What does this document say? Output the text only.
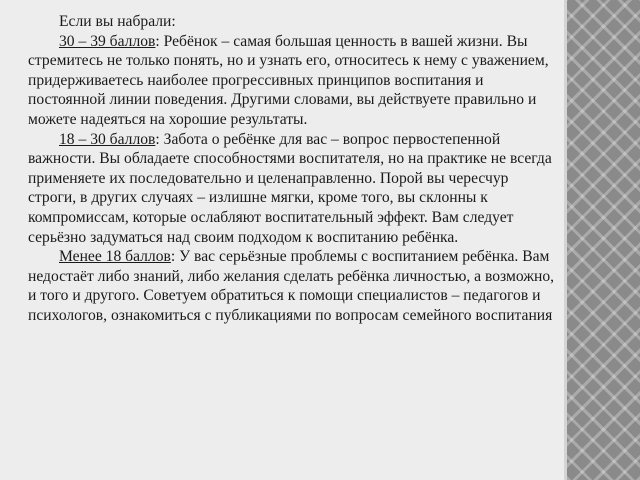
Если вы набрали:

30 – 39 баллов: Ребёнок – самая большая ценность в вашей жизни. Вы стремитесь не только понять, но и узнать его, относитесь к нему с уважением, придерживаетесь наиболее прогрессивных принципов воспитания и постоянной линии поведения. Другими словами, вы действуете правильно и можете надеяться на хорошие результаты.

18 – 30 баллов: Забота о ребёнке для вас – вопрос первостепенной важности. Вы обладаете способностями воспитателя, но на практике не всегда применяете их последовательно и целенаправленно. Порой вы чересчур строги, в других случаях – излишне мягки, кроме того, вы склонны к компромиссам, которые ослабляют воспитательный эффект. Вам следует серьёзно задуматься над своим подходом к воспитанию ребёнка.

Менее 18 баллов: У вас серьёзные проблемы с воспитанием ребёнка. Вам недостаёт либо знаний, либо желания сделать ребёнка личностью, а возможно, и того и другого. Советуем обратиться к помощи специалистов – педагогов и психологов, ознакомиться с публикациями по вопросам семейного воспитания
